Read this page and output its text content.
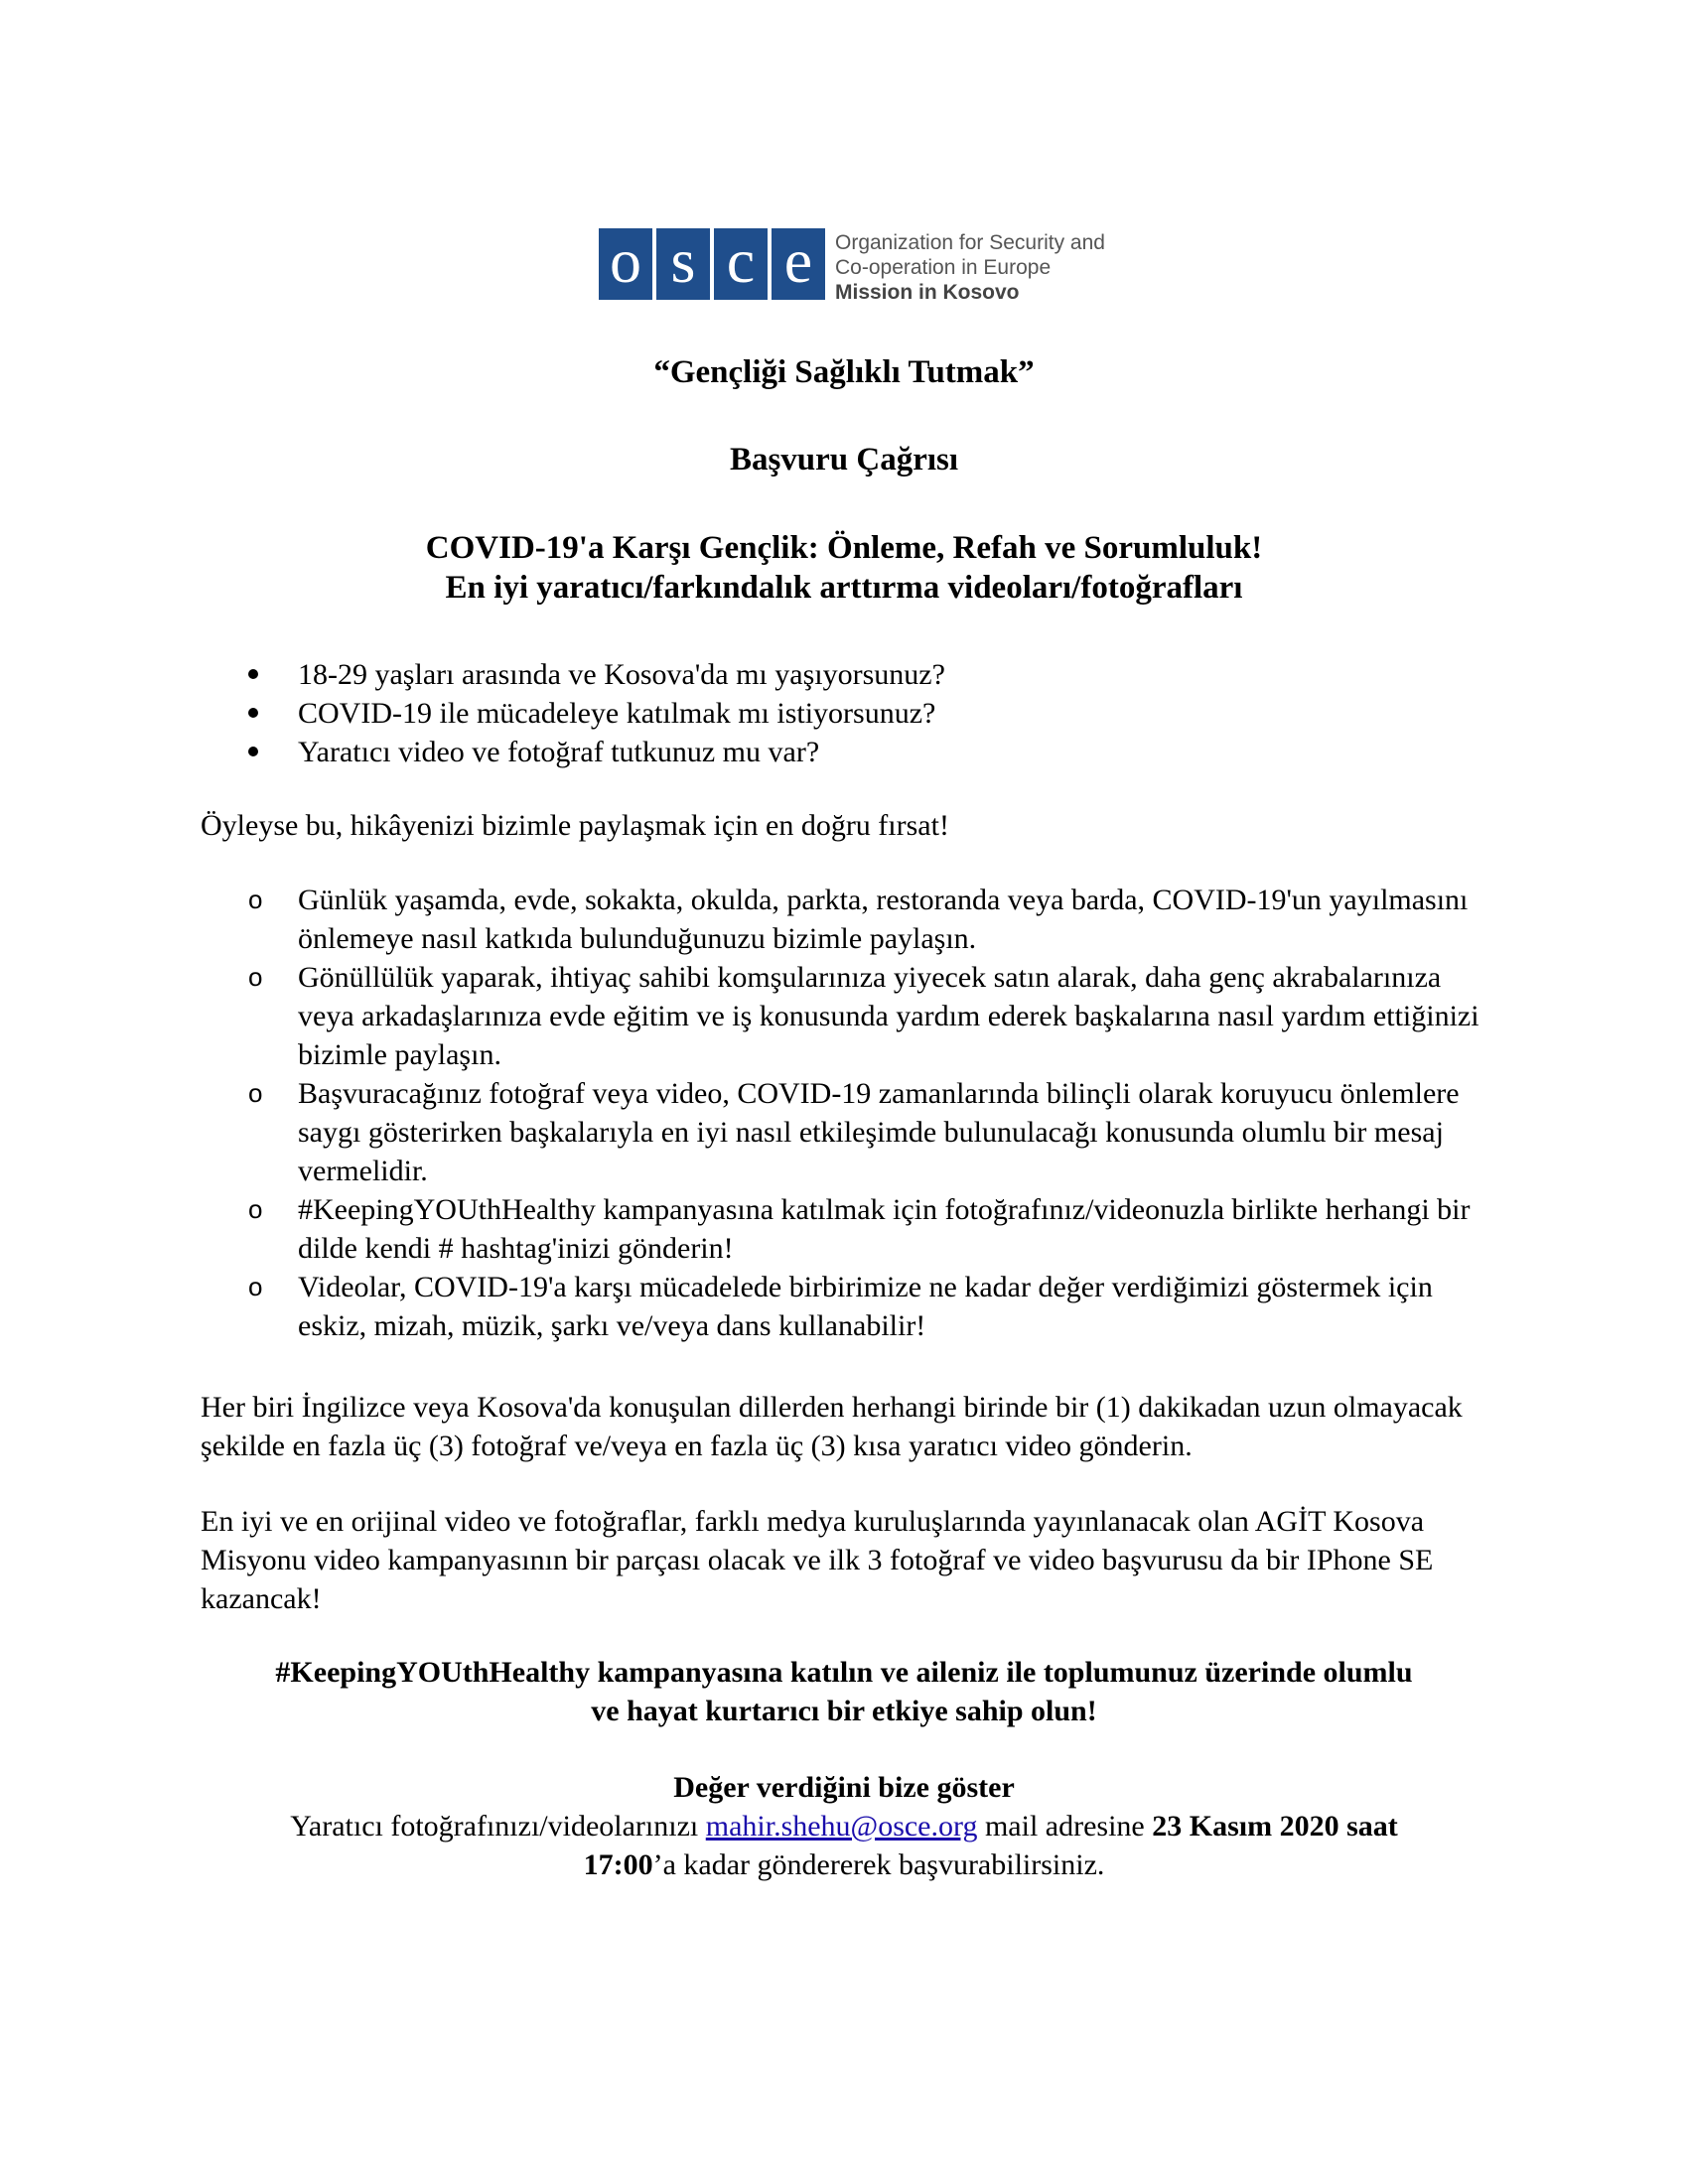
o s c e	Organization for Security and
Co-operation in Europe
Mission in Kosovo
“Gençliği Sağlıklı Tutmak”
Başvuru Çağrısı
COVID-19'a Karşı Gençlik: Önleme, Refah ve Sorumluluk!
En iyi yaratıcı/farkındalık arttırma videoları/fotoğrafları
18-29 yaşları arasında ve Kosova'da mı yaşıyorsunuz?
COVID-19 ile mücadeleye katılmak mı istiyorsunuz?
Yaratıcı video ve fotoğraf tutkunuz mu var?
Öyleyse bu, hikâyenizi bizimle paylaşmak için en doğru fırsat!
o Günlük yaşamda, evde, sokakta, okulda, parkta, restoranda veya barda, COVID-19'un yayılmasını önlemeye nasıl katkıda bulunduğunuzu bizimle paylaşın.
o Gönüllülük yaparak, ihtiyaç sahibi komşularınıza yiyecek satın alarak, daha genç akrabalarınıza veya arkadaşlarınıza evde eğitim ve iş konusunda yardım ederek başkalarına nasıl yardım ettiğinizi bizimle paylaşın.
o Başvuracağınız fotoğraf veya video, COVID-19 zamanlarında bilinçli olarak koruyucu önlemlere saygı gösterirken başkalarıyla en iyi nasıl etkileşimde bulunulacağı konusunda olumlu bir mesaj vermelidir.
o #KeepingYOUthHealthy kampanyasına katılmak için fotoğrafınız/videonuzla birlikte herhangi bir dilde kendi # hashtag'inizi gönderin!
o Videolar, COVID-19'a karşı mücadelede birbirimize ne kadar değer verdiğimizi göstermek için eskiz, mizah, müzik, şarkı ve/veya dans kullanabilir!
Her biri İngilizce veya Kosova'da konuşulan dillerden herhangi birinde bir (1) dakikadan uzun olmayacak şekilde en fazla üç (3) fotoğraf ve/veya en fazla üç (3) kısa yaratıcı video gönderin.
En iyi ve en orijinal video ve fotoğraflar, farklı medya kuruluşlarında yayınlanacak olan AGİT Kosova Misyonu video kampanyasının bir parçası olacak ve ilk 3 fotoğraf ve video başvurusu da bir IPhone SE kazancak!
#KeepingYOUthHealthy kampanyasına katılın ve aileniz ile toplumunuz üzerinde olumlu
ve hayat kurtarıcı bir etkiye sahip olun!
Değer verdiğini bize göster
Yaratıcı fotoğrafınızı/videolarınızı mahir.shehu@osce.org mail adresine 23 Kasım 2020 saat
17:00’a kadar göndererek başvurabilirsiniz.
